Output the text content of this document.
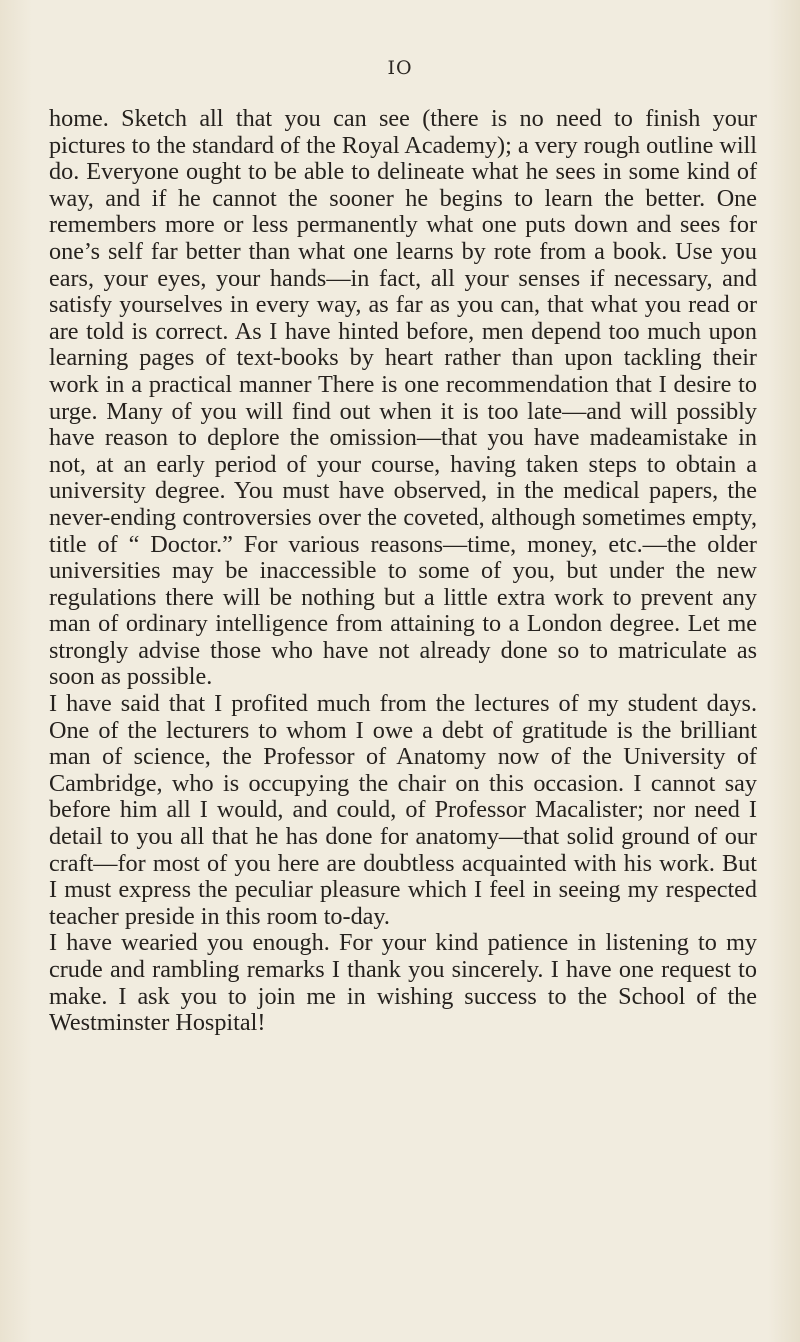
IO

home. Sketch all that you can see (there is no need to finish your pictures to the standard of the Royal Academy); a very rough outline will do. Everyone ought to be able to delineate what he sees in some kind of way, and if he cannot the sooner he begins to learn the better. One remembers more or less permanently what one puts down and sees for one’s self far better than what one learns by rote from a book. Use you ears, your eyes, your hands—in fact, all your senses if necessary, and satisfy yourselves in every way, as far as you can, that what you read or are told is correct. As I have hinted before, men depend too much upon learning pages of text-books by heart rather than upon tackling their work in a practical manner There is one recommendation that I desire to urge. Many of you will find out when it is too late—and will possibly have reason to deplore the omission—that you have madeamistake in not, at an early period of your course, having taken steps to obtain a university degree. You must have observed, in the medical papers, the never-ending controversies over the coveted, although sometimes empty, title of “ Doctor.” For various reasons—time, money, etc.—the older universities may be inaccessible to some of you, but under the new regulations there will be nothing but a little extra work to prevent any man of ordinary intelligence from attaining to a London degree. Let me strongly advise those who have not already done so to matriculate as soon as possible.

I have said that I profited much from the lectures of my student days. One of the lecturers to whom I owe a debt of gratitude is the brilliant man of science, the Professor of Anatomy now of the University of Cambridge, who is occupying the chair on this occasion. I cannot say before him all I would, and could, of Professor Macalister; nor need I detail to you all that he has done for anatomy—that solid ground of our craft—for most of you here are doubtless acquainted with his work. But I must express the peculiar pleasure which I feel in seeing my respected teacher preside in this room to-day.

I have wearied you enough. For your kind patience in listening to my crude and rambling remarks I thank you sincerely. I have one request to make. I ask you to join me in wishing success to the School of the Westminster Hospital!
